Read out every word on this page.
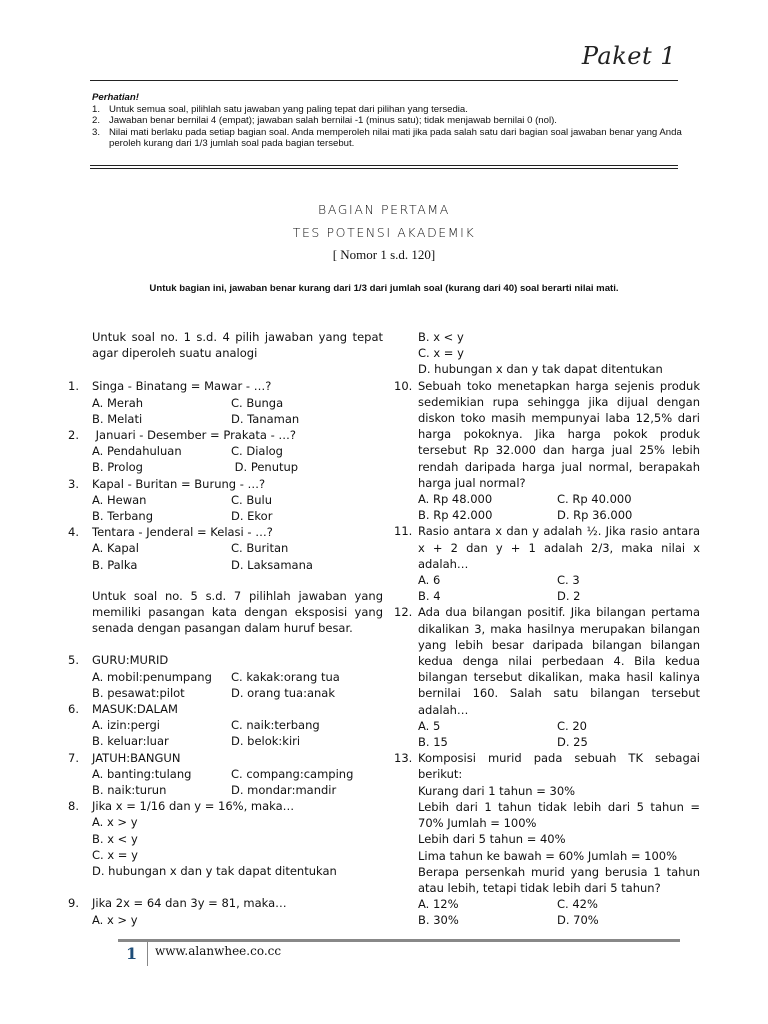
Paket 1
Perhatian!
1. Untuk semua soal, pilihlah satu jawaban yang paling tepat dari pilihan yang tersedia.
2. Jawaban benar bernilai 4 (empat); jawaban salah bernilai -1 (minus satu); tidak menjawab bernilai 0 (nol).
3. Nilai mati berlaku pada setiap bagian soal. Anda memperoleh nilai mati jika pada salah satu dari bagian soal jawaban benar yang Anda peroleh kurang dari 1/3 jumlah soal pada bagian tersebut.
BAGIAN PERTAMA
TES POTENSI AKADEMIK
[ Nomor 1 s.d. 120]
Untuk bagian ini, jawaban benar kurang dari 1/3 dari jumlah soal (kurang dari 40) soal berarti nilai mati.
Untuk soal no. 1 s.d. 4 pilih jawaban yang tepat agar diperoleh suatu analogi
1. Singa - Binatang = Mawar - …?
A. Merah	C. Bunga
B. Melati	D. Tanaman
2. Januari - Desember = Prakata - …?
A. Pendahuluan	C. Dialog
B. Prolog	D. Penutup
3. Kapal - Buritan = Burung - …?
A. Hewan	C. Bulu
B. Terbang	D. Ekor
4. Tentara - Jenderal = Kelasi - …?
A. Kapal	C. Buritan
B. Palka	D. Laksamana
Untuk soal no. 5 s.d. 7 pilihlah jawaban yang memiliki pasangan kata dengan eksposisi yang senada dengan pasangan dalam huruf besar.
5. GURU:MURID
A. mobil:penumpang	C. kakak:orang tua
B. pesawat:pilot	D. orang tua:anak
6. MASUK:DALAM
A. izin:pergi	C. naik:terbang
B. keluar:luar	D. belok:kiri
7. JATUH:BANGUN
A. banting:tulang	C. compang:camping
B. naik:turun	D. mondar:mandir
8. Jika x = 1/16 dan y = 16%, maka…
A. x > y
B. x < y
C. x = y
D. hubungan x dan y tak dapat ditentukan
9. Jika 2x = 64 dan 3y = 81, maka…
A. x > y
B. x < y
C. x = y
D. hubungan x dan y tak dapat ditentukan
10. Sebuah toko menetapkan harga sejenis produk sedemikian rupa sehingga jika dijual dengan diskon toko masih mempunyai laba 12,5% dari harga pokoknya. Jika harga pokok produk tersebut Rp 32.000 dan harga jual 25% lebih rendah daripada harga jual normal, berapakah harga jual normal?
A. Rp 48.000	C. Rp 40.000
B. Rp 42.000	D. Rp 36.000
11. Rasio antara x dan y adalah ½. Jika rasio antara x + 2 dan y + 1 adalah 2/3, maka nilai x adalah…
A. 6	C. 3
B. 4	D. 2
12. Ada dua bilangan positif. Jika bilangan pertama dikalikan 3, maka hasilnya merupakan bilangan yang lebih besar daripada bilangan bilangan kedua denga nilai perbedaan 4. Bila kedua bilangan tersebut dikalikan, maka hasil kalinya bernilai 160. Salah satu bilangan tersebut adalah…
A. 5	C. 20
B. 15	D. 25
13. Komposisi murid pada sebuah TK sebagai berikut:
Kurang dari 1 tahun = 30%
Lebih dari 1 tahun tidak lebih dari 5 tahun = 70% Jumlah = 100%
Lebih dari 5 tahun = 40%
Lima tahun ke bawah = 60% Jumlah = 100%
Berapa persenkah murid yang berusia 1 tahun atau lebih, tetapi tidak lebih dari 5 tahun?
A. 12%	C. 42%
B. 30%	D. 70%
1 www.alanwhee.co.cc
